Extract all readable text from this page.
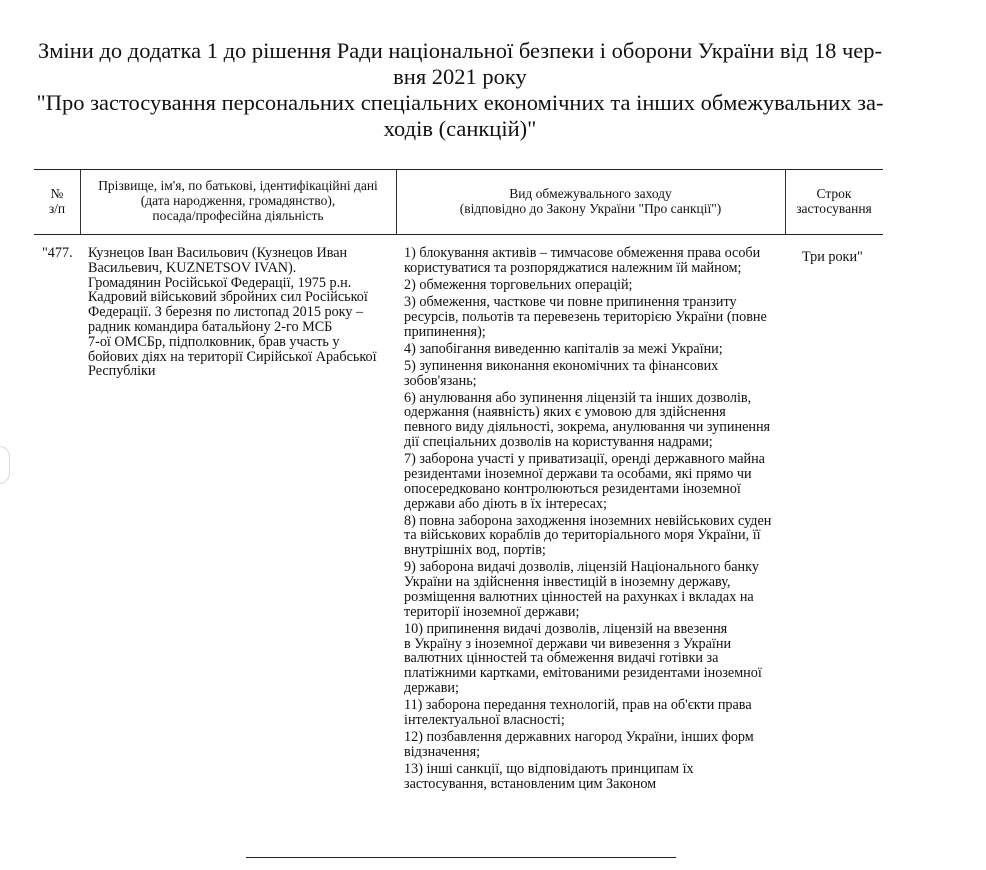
Зміни до додатка 1 до рішення Ради національної безпеки і оборони України від 18 чер-
вня 2021 року
"Про застосування персональних спеціальних економічних та інших обмежувальних за-
ходів (санкцій)"
№
з/п
Прізвище, ім'я, по батькові, ідентифікаційні дані
(дата народження, громадянство),
посада/професійна діяльність
Вид обмежувального заходу
(відповідно до Закону України "Про санкції")
Строк
застосування
"477. Кузнецов Іван Васильович (Кузнецов Иван
Васильевич, KUZNETSOV IVAN).
Громадянин Російської Федерації, 1975 р.н.
Кадровий військовий збройних сил Російської
Федерації. З березня по листопад 2015 року –
радник командира батальйону 2-го МСБ
7-ої ОМСБр, підполковник, брав участь у
бойових діях на території Сирійської Арабської
Республіки
1) блокування активів – тимчасове обмеження права особи
користуватися та розпоряджатися належним їй майном;
2) обмеження торговельних операцій;
3) обмеження, часткове чи повне припинення транзиту
ресурсів, польотів та перевезень територією України (повне
припинення);
4) запобігання виведенню капіталів за межі України;
5) зупинення виконання економічних та фінансових
зобов'язань;
6) анулювання або зупинення ліцензій та інших дозволів,
одержання (наявність) яких є умовою для здійснення
певного виду діяльності, зокрема, анулювання чи зупинення
дії спеціальних дозволів на користування надрами;
7) заборона участі у приватизації, оренді державного майна
резидентами іноземної держави та особами, які прямо чи
опосередковано контролюються резидентами іноземної
держави або діють в їх інтересах;
8) повна заборона заходження іноземних невійськових суден
та військових кораблів до територіального моря України, її
внутрішніх вод, портів;
9) заборона видачі дозволів, ліцензій Національного банку
України на здійснення інвестицій в іноземну державу,
розміщення валютних цінностей на рахунках і вкладах на
території іноземної держави;
10) припинення видачі дозволів, ліцензій на ввезення
в Україну з іноземної держави чи вивезення з України
валютних цінностей та обмеження видачі готівки за
платіжними картками, емітованими резидентами іноземної
держави;
11) заборона передання технологій, прав на об'єкти права
інтелектуальної власності;
12) позбавлення державних нагород України, інших форм
відзначення;
13) інші санкції, що відповідають принципам їх
застосування, встановленим цим Законом
Три роки"
